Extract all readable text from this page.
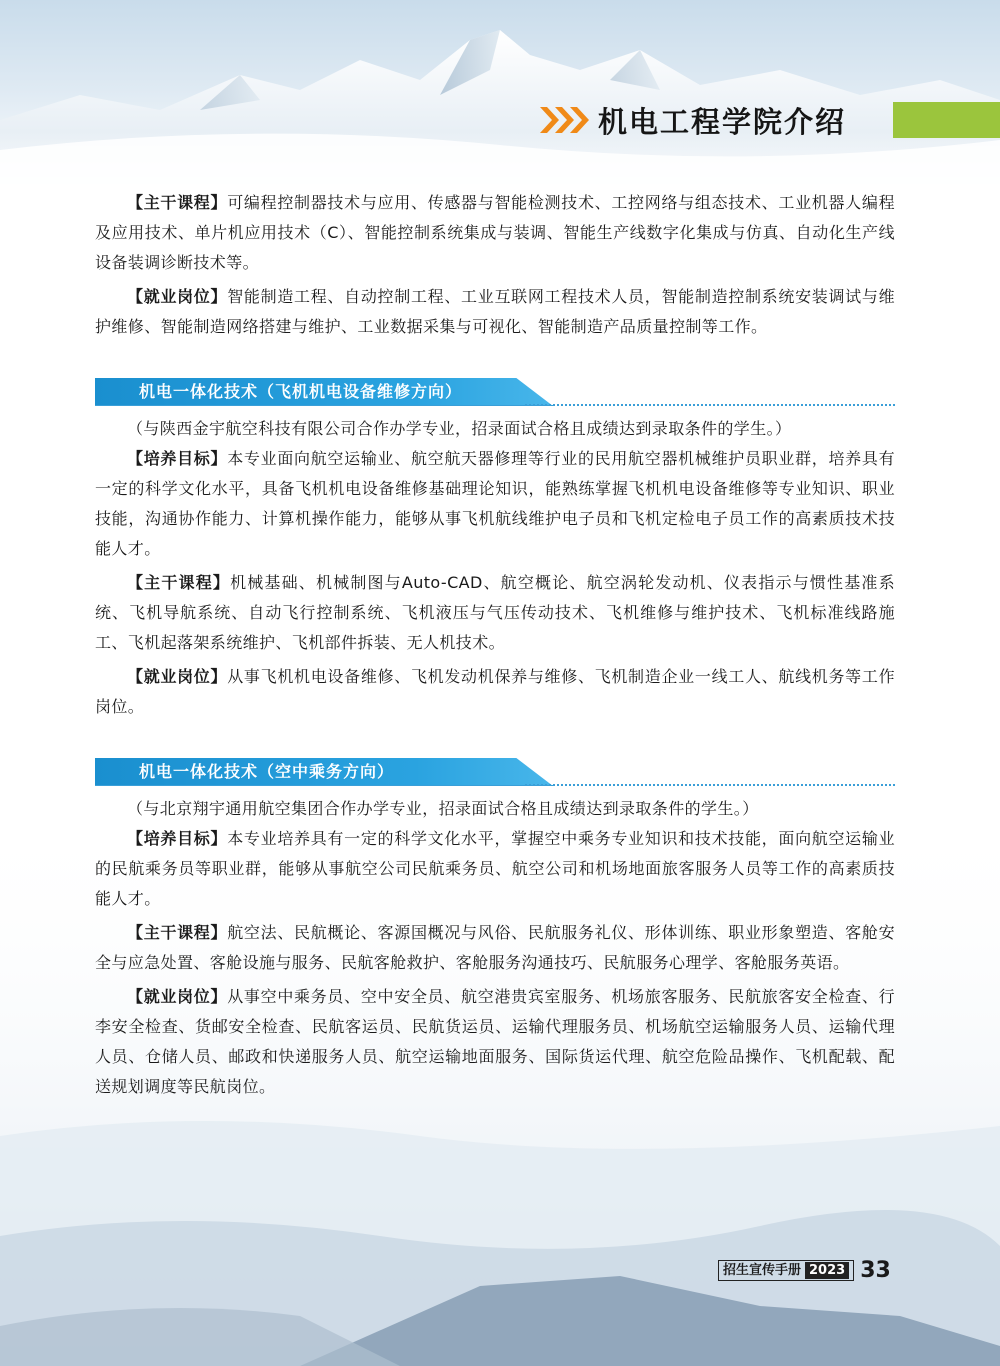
机电工程学院介绍

【主干课程】可编程控制器技术与应用、传感器与智能检测技术、工控网络与组态技术、工业机器人编程及应用技术、单片机应用技术（C）、智能控制系统集成与装调、智能生产线数字化集成与仿真、自动化生产线设备装调诊断技术等。

【就业岗位】智能制造工程、自动控制工程、工业互联网工程技术人员，智能制造控制系统安装调试与维护维修、智能制造网络搭建与维护、工业数据采集与可视化、智能制造产品质量控制等工作。

机电一体化技术（飞机机电设备维修方向）

（与陕西金宇航空科技有限公司合作办学专业，招录面试合格且成绩达到录取条件的学生。）

【培养目标】本专业面向航空运输业、航空航天器修理等行业的民用航空器机械维护员职业群，培养具有一定的科学文化水平，具备飞机机电设备维修基础理论知识，能熟练掌握飞机机电设备维修等专业知识、职业技能，沟通协作能力、计算机操作能力，能够从事飞机航线维护电子员和飞机定检电子员工作的高素质技术技能人才。

【主干课程】机械基础、机械制图与Auto-CAD、航空概论、航空涡轮发动机、仪表指示与惯性基准系统、飞机导航系统、自动飞行控制系统、飞机液压与气压传动技术、飞机维修与维护技术、飞机标准线路施工、飞机起落架系统维护、飞机部件拆装、无人机技术。

【就业岗位】从事飞机机电设备维修、飞机发动机保养与维修、飞机制造企业一线工人、航线机务等工作岗位。

机电一体化技术（空中乘务方向）

（与北京翔宇通用航空集团合作办学专业，招录面试合格且成绩达到录取条件的学生。）

【培养目标】本专业培养具有一定的科学文化水平，掌握空中乘务专业知识和技术技能，面向航空运输业的民航乘务员等职业群，能够从事航空公司民航乘务员、航空公司和机场地面旅客服务人员等工作的高素质技能人才。

【主干课程】航空法、民航概论、客源国概况与风俗、民航服务礼仪、形体训练、职业形象塑造、客舱安全与应急处置、客舱设施与服务、民航客舱救护、客舱服务沟通技巧、民航服务心理学、客舱服务英语。

【就业岗位】从事空中乘务员、空中安全员、航空港贵宾室服务、机场旅客服务、民航旅客安全检查、行李安全检查、货邮安全检查、民航客运员、民航货运员、运输代理服务员、机场航空运输服务人员、运输代理人员、仓储人员、邮政和快递服务人员、航空运输地面服务、国际货运代理、航空危险品操作、飞机配载、配送规划调度等民航岗位。

招生宣传手册 2023 33
